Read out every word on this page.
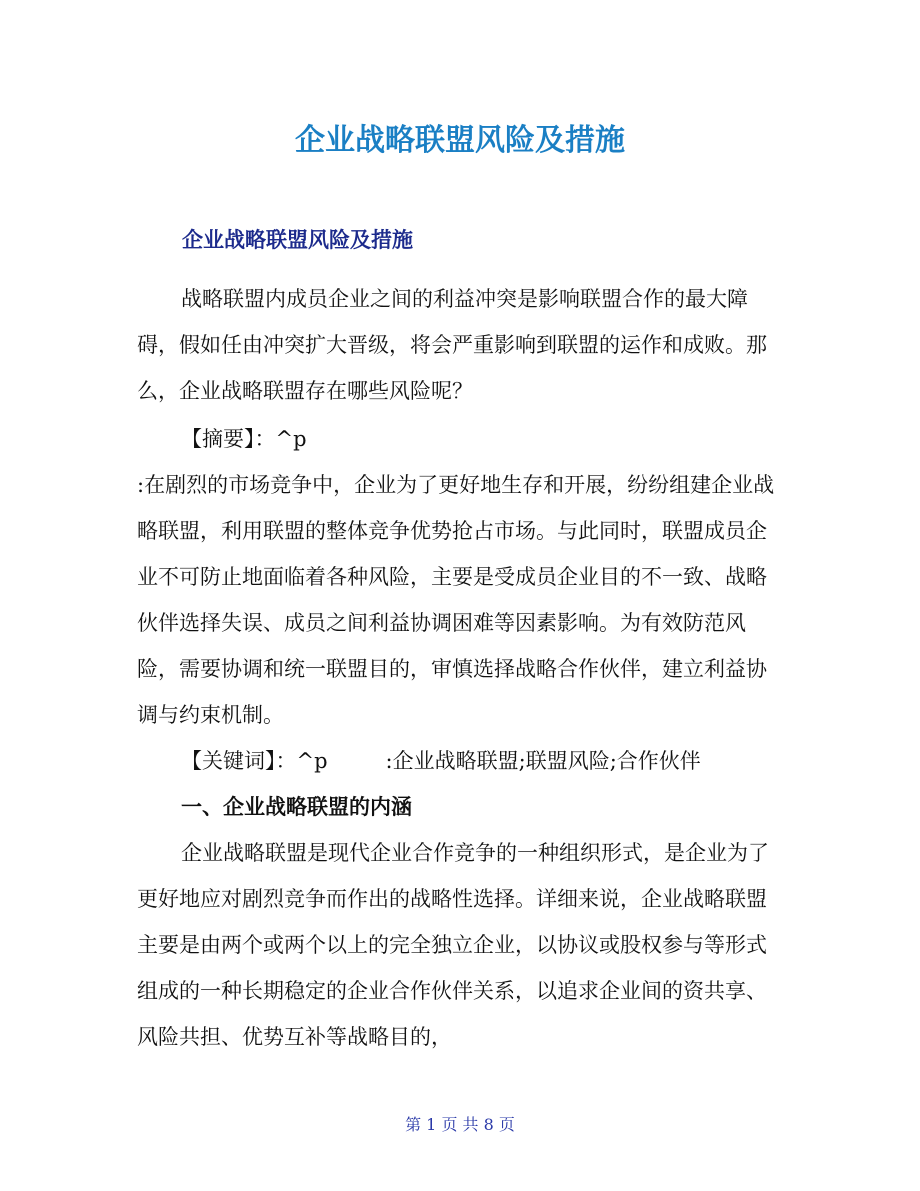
企业战略联盟风险及措施
企业战略联盟风险及措施

战略联盟内成员企业之间的利益冲突是影响联盟合作的最大障碍，假如任由冲突扩大晋级，将会严重影响到联盟的运作和成败。那么，企业战略联盟存在哪些风险呢？

【摘要】：^p

:在剧烈的市场竞争中，企业为了更好地生存和开展，纷纷组建企业战略联盟，利用联盟的整体竞争优势抢占市场。与此同时，联盟成员企业不可防止地面临着各种风险，主要是受成员企业目的不一致、战略伙伴选择失误、成员之间利益协调困难等因素影响。为有效防范风险，需要协调和统一联盟目的，审慎选择战略合作伙伴，建立利益协调与约束机制。

【关键词】：^p	:企业战略联盟;联盟风险;合作伙伴

一、企业战略联盟的内涵

企业战略联盟是现代企业合作竞争的一种组织形式，是企业为了更好地应对剧烈竞争而作出的战略性选择。详细来说，企业战略联盟主要是由两个或两个以上的完全独立企业，以协议或股权参与等形式组成的一种长期稳定的企业合作伙伴关系，以追求企业间的资共享、风险共担、优势互补等战略目的，

第 1 页 共 8 页
